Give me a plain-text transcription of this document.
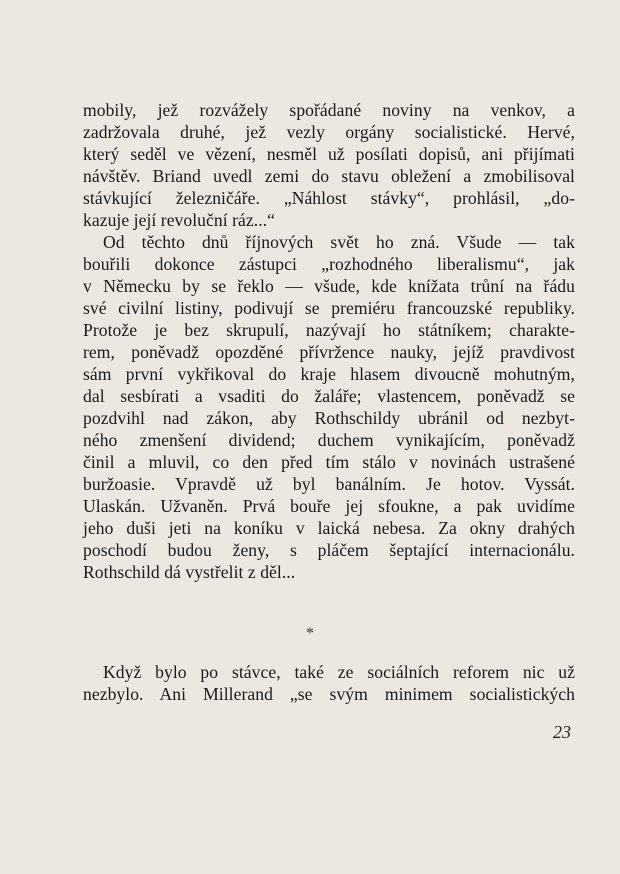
mobily, jež rozvážely spořádané noviny na venkov, a
zadržovala druhé, jež vezly orgány socialistické. Hervé,
který seděl ve vězení, nesměl už posílati dopisů, ani přijímati
návštěv. Briand uvedl zemi do stavu obležení a zmobilisoval
stávkující železničáře. „Náhlost stávky“, prohlásil, „do-
kazuje její revoluční ráz...“
Od těchto dnů říjnových svět ho zná. Všude — tak
bouřili dokonce zástupci „rozhodného liberalismu“, jak
v Německu by se řeklo — všude, kde knížata trůní na řádu
své civilní listiny, podivují se premiéru francouzské republiky.
Protože je bez skrupulí, nazývají ho státníkem; charakte-
rem, poněvadž opozděné přívržence nauky, jejíž pravdivost
sám první vykřikoval do kraje hlasem divoucně mohutným,
dal sesbírati a vsaditi do žaláře; vlastencem, poněvadž se
pozdvihl nad zákon, aby Rothschildy ubránil od nezbyt-
ného zmenšení dividend; duchem vynikajícím, poněvadž
činil a mluvil, co den před tím stálo v novinách ustrašené
buržoasie. Vpravdě už byl banálním. Je hotov. Vyssát.
Ulaskán. Užvaněn. Prvá bouře jej sfoukne, a pak uvidíme
jeho duši jeti na koníku v laická nebesa. Za okny drahých
poschodí budou ženy, s pláčem šeptající internacionálu.
Rothschild dá vystřelit z děl...
*
Když bylo po stávce, také ze sociálních reforem nic už
nezbylo. Ani Millerand „se svým minimem socialistických
23
